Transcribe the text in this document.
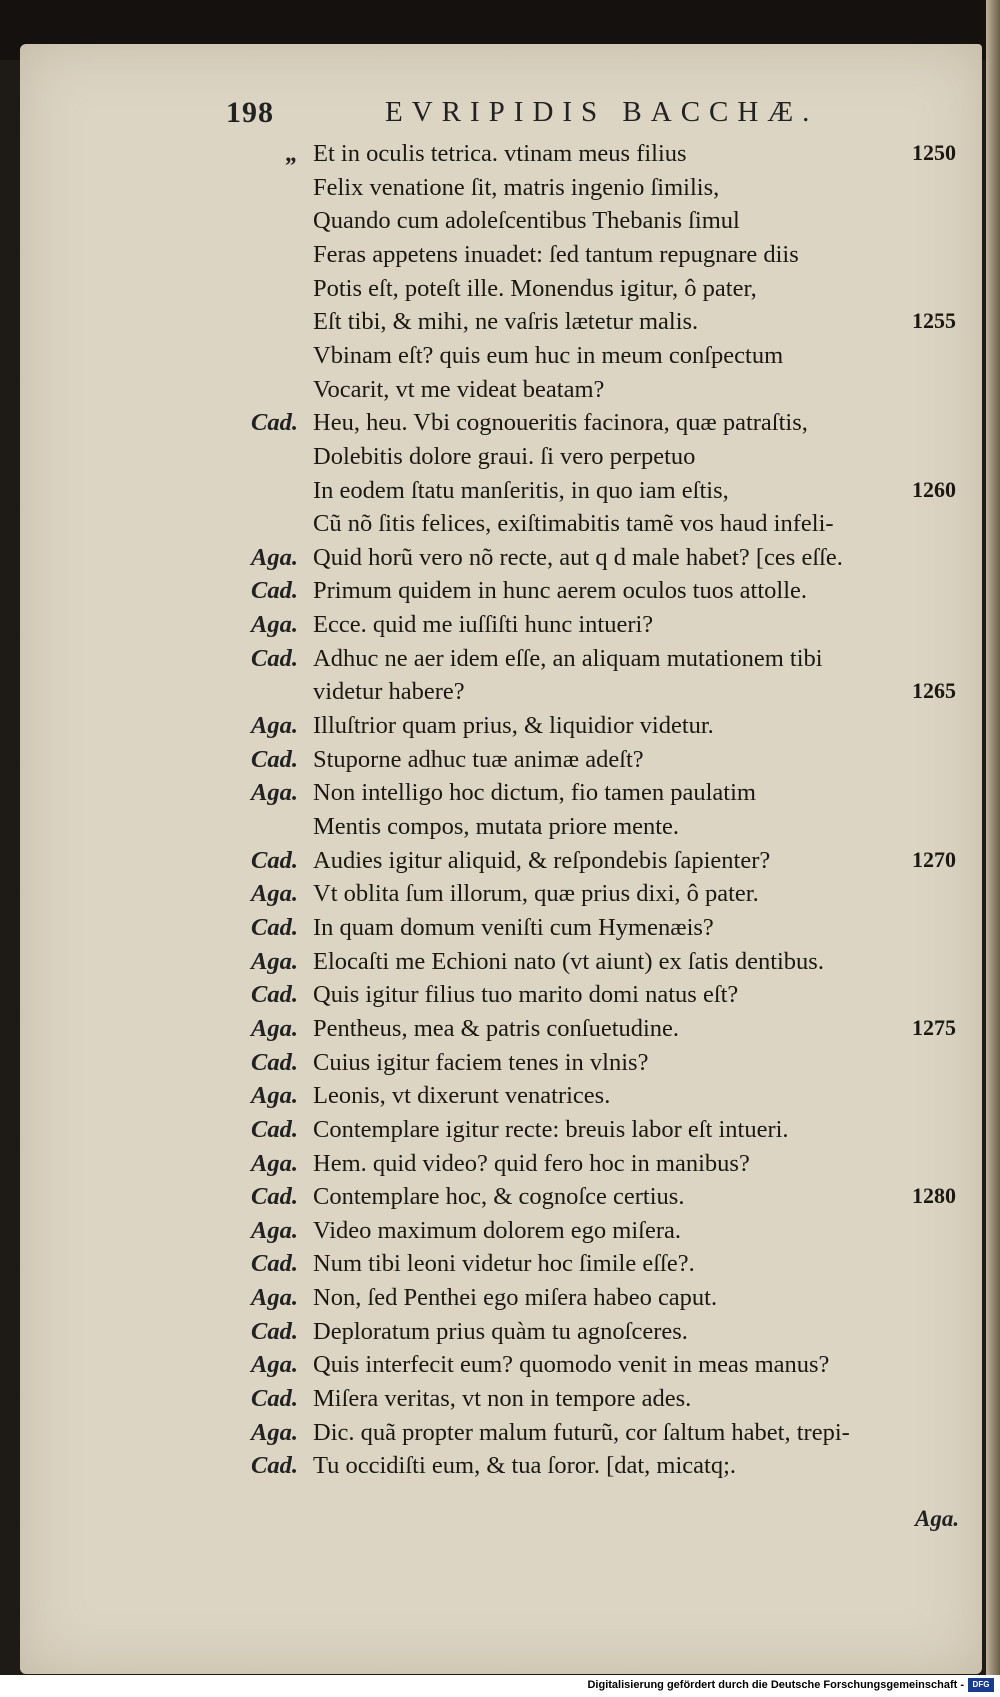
198	EVRIPIDIS BACCHÆ.
„ Et in oculis tetrica. vtinam meus filius	1250
Felix venatione ſit, matris ingenio ſimilis,
Quando cum adoleſcentibus Thebanis ſimul
Feras appetens inuadet: ſed tantum repugnare diis
Potis eſt, poteſt ille. Monendus igitur, ô pater,
Eſt tibi, & mihi, ne vaſris lætetur malis.	1255
Vbinam eſt? quis eum huc in meum conſpectum
Vocarit, vt me videat beatam?
Cad. Heu, heu. Vbi cognoueritis facinora, quæ patraſtis,
Dolebitis dolore graui. ſi vero perpetuo
In eodem ſtatu manſeritis, in quo iam eſtis,	1260
Cũ nõ ſitis felices, exiſtimabitis tamẽ vos haud infeli-
Aga. Quid horũ vero nõ recte, aut q d male habet? [ces eſſe.
Cad. Primum quidem in hunc aerem oculos tuos attolle.
Aga. Ecce. quid me iuſſiſti hunc intueri?
Cad. Adhuc ne aer idem eſſe, an aliquam mutationem tibi
videtur habere?	1265
Aga. Illuſtrior quam prius, & liquidior videtur.
Cad. Stuporne adhuc tuæ animæ adeſt?
Aga. Non intelligo hoc dictum, fio tamen paulatim
Mentis compos, mutata priore mente.
Cad. Audies igitur aliquid, & reſpondebis ſapienter?	1270
Aga. Vt oblita ſum illorum, quæ prius dixi, ô pater.
Cad. In quam domum veniſti cum Hymenæis?
Aga. Elocaſti me Echioni nato (vt aiunt) ex ſatis dentibus.
Cad. Quis igitur filius tuo marito domi natus eſt?
Aga. Pentheus, mea & patris conſuetudine.	1275
Cad. Cuius igitur faciem tenes in vlnis?
Aga. Leonis, vt dixerunt venatrices.
Cad. Contemplare igitur recte: breuis labor eſt intueri.
Aga. Hem. quid video? quid fero hoc in manibus?
Cad. Contemplare hoc, & cognoſce certius.	1280
Aga. Video maximum dolorem ego miſera.
Cad. Num tibi leoni videtur hoc ſimile eſſe?.
Aga. Non, ſed Penthei ego miſera habeo caput.
Cad. Deploratum prius quàm tu agnoſceres.
Aga. Quis interfecit eum? quomodo venit in meas manus?
Cad. Miſera veritas, vt non in tempore ades.
Aga. Dic. quã propter malum futurũ, cor ſaltum habet, trepi-
Cad. Tu occidiſti eum, & tua ſoror. [dat, micatq;.
Aga.
Digitalisierung gefördert durch die Deutsche Forschungsgemeinschaft -	DFG
